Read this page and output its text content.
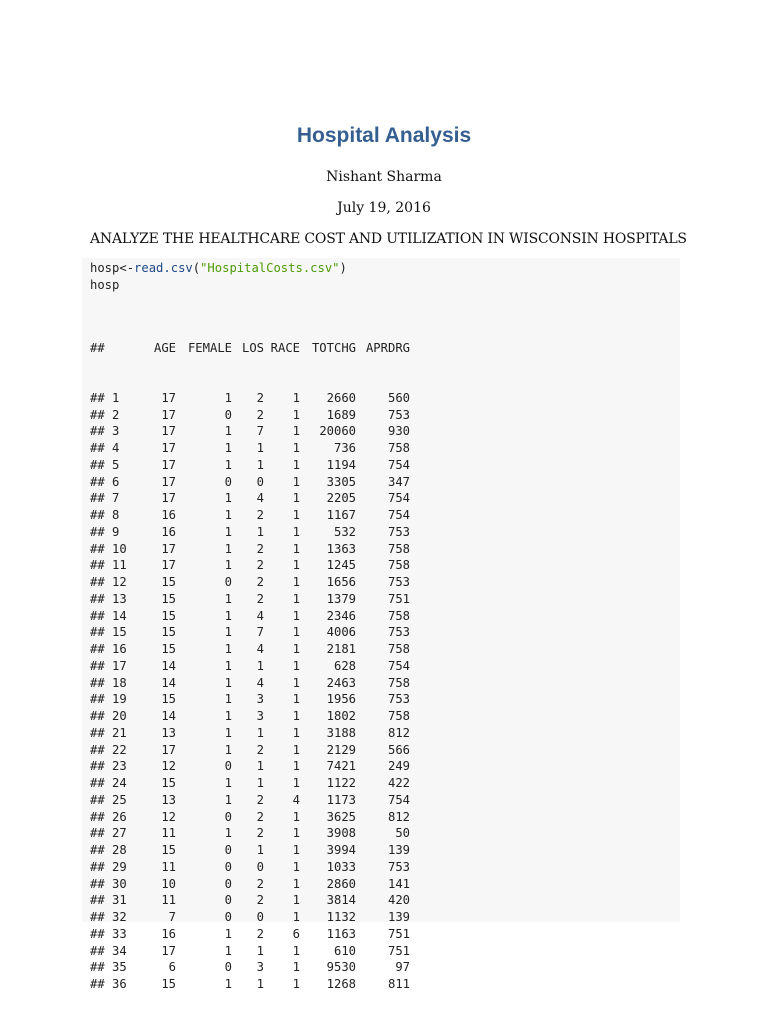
Hospital Analysis
Nishant Sharma
July 19, 2016
ANALYZE THE HEALTHCARE COST AND UTILIZATION IN WISCONSIN HOSPITALS
hosp<-read.csv("HospitalCosts.csv")
hosp

##	AGE FEMALE LOS RACE TOTCHG APRDRG

## 1	17	1 2 1 2660	560
## 2	17	0 2 1 1689	753
## 3	17	1 7 1 20060	930
## 4	17	1 1 1	736	758
## 5	17	1 1 1 1194	754
## 6	17	0 0 1 3305	347
## 7	17	1 4 1 2205	754
## 8	16	1 2 1 1167	754
## 9	16	1 1 1	532	753
## 10	17	1 2 1 1363	758
## 11	17	1 2 1 1245	758
## 12	15	0 2 1 1656	753
## 13	15	1 2 1 1379	751
## 14	15	1 4 1 2346	758
## 15	15	1 7 1 4006	753
## 16	15	1 4 1 2181	758
## 17	14	1 1 1	628	754
## 18	14	1 4 1 2463	758
## 19	15	1 3 1 1956	753
## 20	14	1 3 1 1802	758
## 21	13	1 1 1 3188	812
## 22	17	1 2 1 2129	566
## 23	12	0 1 1 7421	249
## 24	15	1 1 1 1122	422
## 25	13	1 2 4 1173	754
## 26	12	0 2 1 3625	812
## 27	11	1 2 1 3908	50
## 28	15	0 1 1 3994	139
## 29	11	0 0 1 1033	753
## 30	10	0 2 1 2860	141
## 31	11	0 2 1 3814	420
## 32	7	0 0 1 1132	139
## 33	16	1 2 6 1163	751
## 34	17	1 1 1	610	751
## 35	6	0 3 1 9530	97
## 36	15	1 1 1 1268	811
